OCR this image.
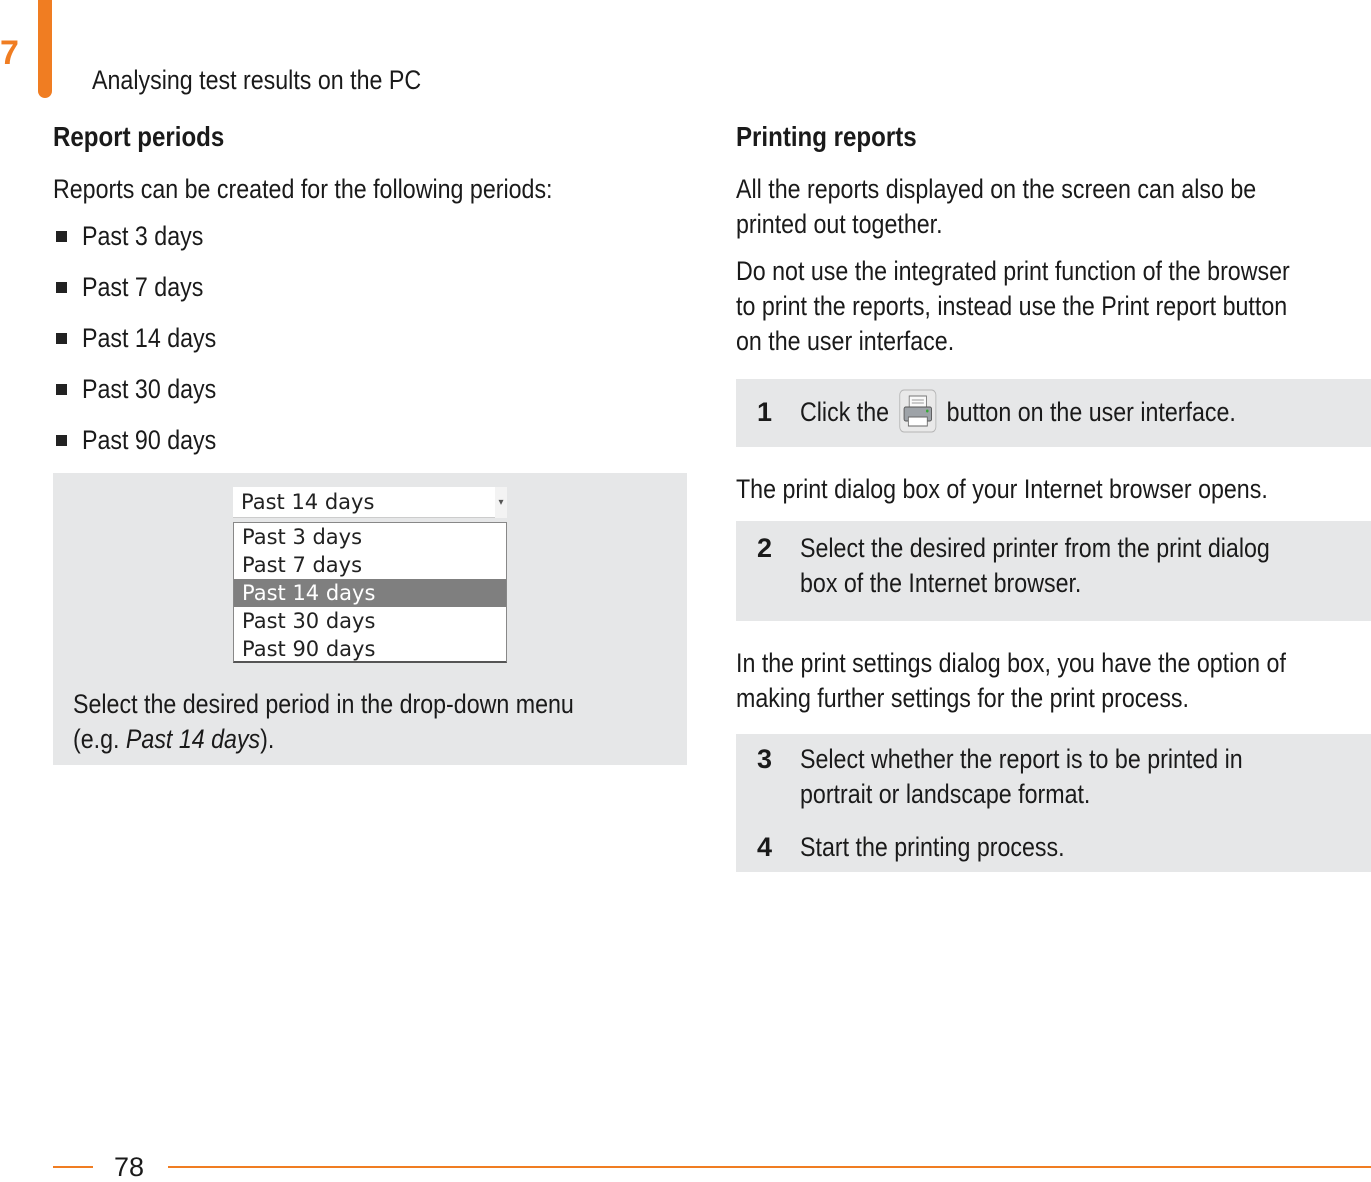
7
Analysing test results on the PC
Report periods
Reports can be created for the following periods:
Past 3 days
Past 7 days
Past 14 days
Past 30 days
Past 90 days
Past 14 days	▾
Past 3 days
Past 7 days
Past 14 days
Past 30 days
Past 90 days
Select the desired period in the drop-down menu
(e.g. Past 14 days).
Printing reports
All the reports displayed on the screen can also be
printed out together.
Do not use the integrated print function of the browser
to print the reports, instead use the Print report button
on the user interface.
1 Click the button on the user interface.
The print dialog box of your Internet browser opens.
2 Select the desired printer from the print dialog
box of the Internet browser.
In the print settings dialog box, you have the option of
making further settings for the print process.
3 Select whether the report is to be printed in
portrait or landscape format.
4 Start the printing process.
78
